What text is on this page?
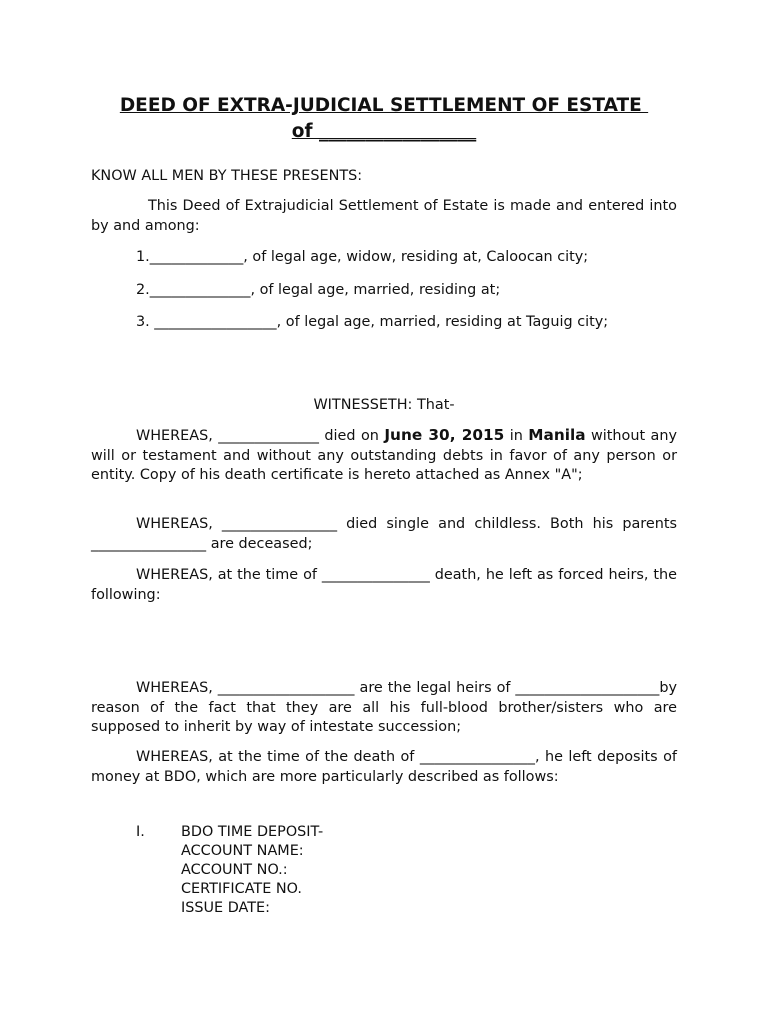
DEED OF EXTRA-JUDICIAL SETTLEMENT OF ESTATE
of _________________
KNOW ALL MEN BY THESE PRESENTS:

This Deed of Extrajudicial Settlement of Estate is made and entered into by and among:

1._____________, of legal age, widow, residing at, Caloocan city;
2.______________, of legal age, married, residing at;
3. _________________, of legal age, married, residing at Taguig city;
WITNESSETH: That-

WHEREAS, ______________ died on June 30, 2015 in Manila without any will or testament and without any outstanding debts in favor of any person or entity. Copy of his death certificate is hereto attached as Annex "A";

WHEREAS, ________________ died single and childless. Both his parents ________________ are deceased;

WHEREAS, at the time of _______________ death, he left as forced heirs, the following:

WHEREAS, ___________________ are the legal heirs of ____________________by reason of the fact that they are all his full-blood brother/sisters who are supposed to inherit by way of intestate succession;

WHEREAS, at the time of the death of ________________, he left deposits of money at BDO, which are more particularly described as follows:

I.	BDO TIME DEPOSIT-
ACCOUNT NAME:
ACCOUNT NO.:
CERTIFICATE NO.
ISSUE DATE:
